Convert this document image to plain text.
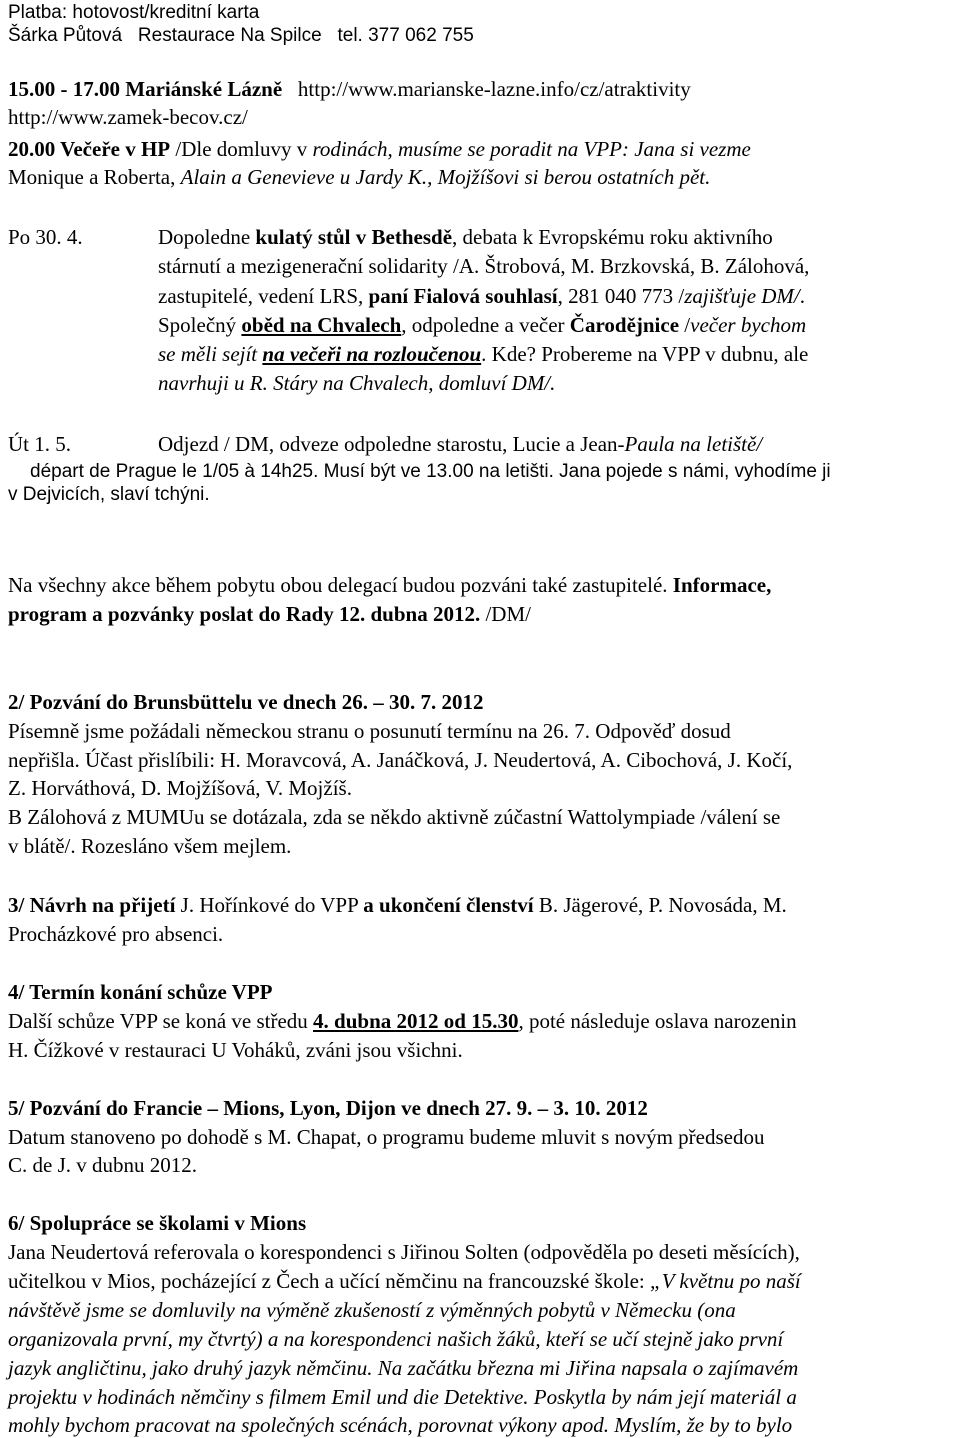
Platba: hotovost/kreditní karta
Šárka Půtová   Restaurace Na Spilce   tel. 377 062 755
15.00 - 17.00 Mariánské Lázně   http://www.marianske-lazne.info/cz/atraktivity
http://www.zamek-becov.cz/
20.00 Večeře v HP /Dle domluvy v rodinách, musíme se poradit na VPP: Jana si vezme
Monique a Roberta, Alain a Genevieve u Jardy K., Mojžíšovi si berou ostatních pět.
Po 30. 4.	Dopoledne kulatý stůl v Bethesdě, debata k Evropskému roku aktivního
stárnutí a mezigenerační solidarity /A. Štrobová, M. Brzkovská, B. Zálohová,
zastupitelé, vedení LRS, paní Fialová souhlasí, 281 040 773 /zajišťuje DM/.
Společný oběd na Chvalech, odpoledne a večer Čarodějnice /večer bychom
se měli sejít na večeři na rozloučenou. Kde? Probereme na VPP v dubnu, ale
navrhuji u R. Stáry na Chvalech, domluví DM/.
Út 1. 5.	Odjezd / DM, odveze odpoledne starostu, Lucie a Jean-Paula na letiště/
départ de Prague le 1/05 à 14h25. Musí být ve 13.00 na letišti. Jana pojede s námi, vyhodíme ji
v Dejvicích, slaví tchýni.
Na všechny akce během pobytu obou delegací budou pozváni také zastupitelé. Informace,
program a pozvánky poslat do Rady 12. dubna 2012. /DM/
2/ Pozvání do Brunsbüttelu ve dnech 26. – 30. 7. 2012
Písemně jsme požádali německou stranu o posunutí termínu na 26. 7. Odpověď dosud
nepřišla. Účast přislíbili: H. Moravcová, A. Janáčková, J. Neudertová, A. Cibochová, J. Kočí,
Z. Horváthová, D. Mojžíšová, V. Mojžíš.
B Zálohová z MUMUu se dotázala, zda se někdo aktivně zúčastní Wattolympiade /válení se
v blátě/. Rozesláno všem mejlem.
3/ Návrh na přijetí J. Hořínkové do VPP a ukončení členství B. Jägerové, P. Novosáda, M.
Procházkové pro absenci.
4/ Termín konání schůze VPP
Další schůze VPP se koná ve středu 4. dubna 2012 od 15.30, poté následuje oslava narozenin
H. Čížkové v restauraci U Voháků, zváni jsou všichni.
5/ Pozvání do Francie – Mions, Lyon, Dijon ve dnech 27. 9. – 3. 10. 2012
Datum stanoveno po dohodě s M. Chapat, o programu budeme mluvit s novým předsedou
C. de J. v dubnu 2012.
6/ Spolupráce se školami v Mions
Jana Neudertová referovala o korespondenci s Jiřinou Solten (odpověděla po deseti měsících),
učitelkou v Mios, pocházející z Čech a učící němčinu na francouzské škole: „V květnu po naší
návštěvě jsme se domluvily na výměně zkušeností z výměnných pobytů v Německu (ona
organizovala první, my čtvrtý) a na korespondenci našich žáků, kteří se učí stejně jako první
jazyk angličtinu, jako druhý jazyk němčinu. Na začátku března mi Jiřina napsala o zajímavém
projektu v hodinách němčiny s filmem Emil und die Detektive. Poskytla by nám její materiál a
mohly bychom pracovat na společných scénách, porovnat výkony apod. Myslím, že by to bylo
